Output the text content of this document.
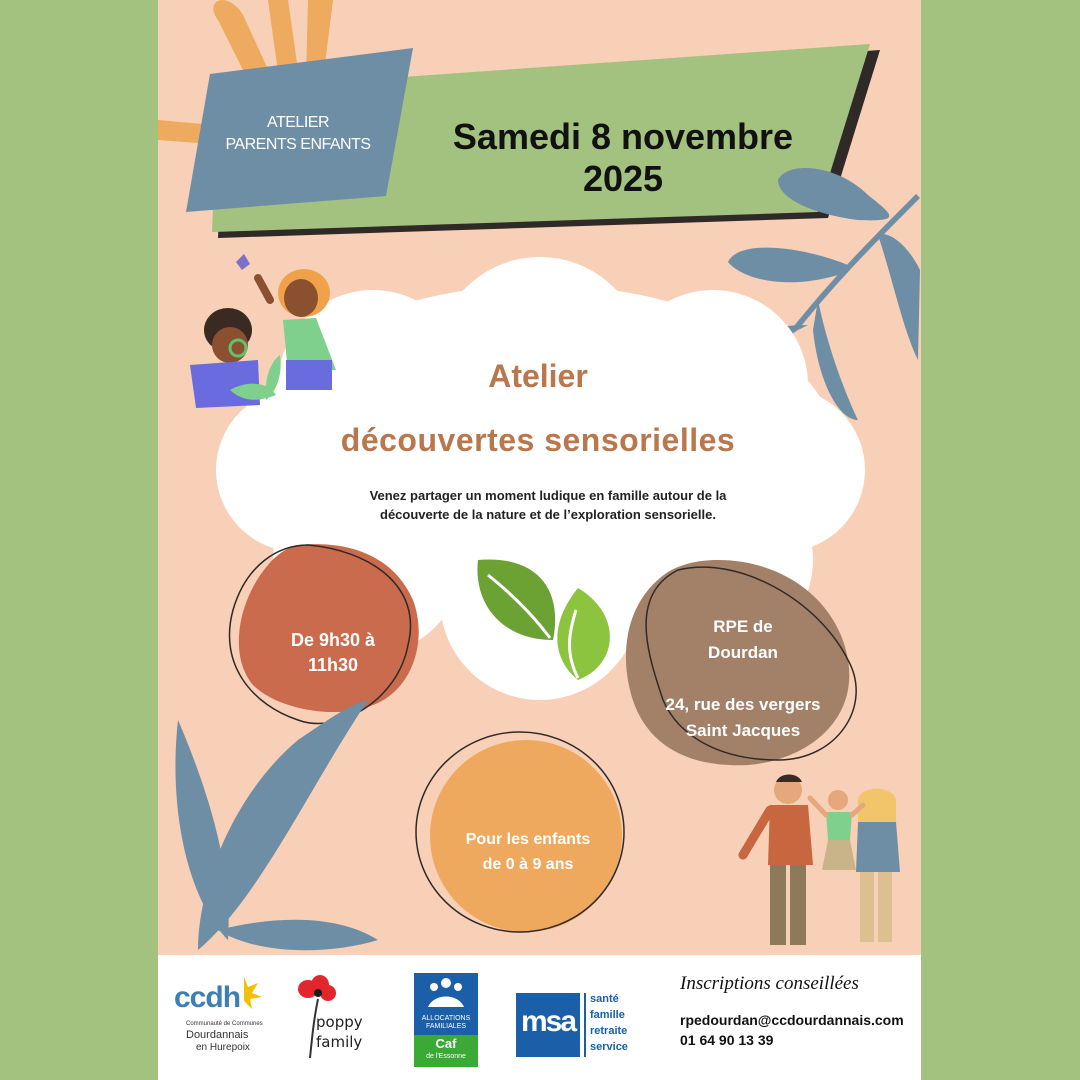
ATELIER
PARENTS ENFANTS	Samedi 8 novembre
2025

Atelier
découvertes sensorielles

Venez partager un moment ludique en famille autour de la
découverte de la nature et de l’exploration sensorielle.

De 9h30 à
11h30

RPE de
Dourdan
24, rue des vergers
Saint Jacques

Pour les enfants
de 0 à 9 ans

ccdh

Communauté de Communes

Dourdannais

en Hurepoix

poppy

family

ALLOCATIONS

FAMILIALES

Caf

de l'Essonne

msa

santé

famille

retraite

service

Inscriptions conseillées

rpedourdan@ccdourdannais.com

01 64 90 13 39
